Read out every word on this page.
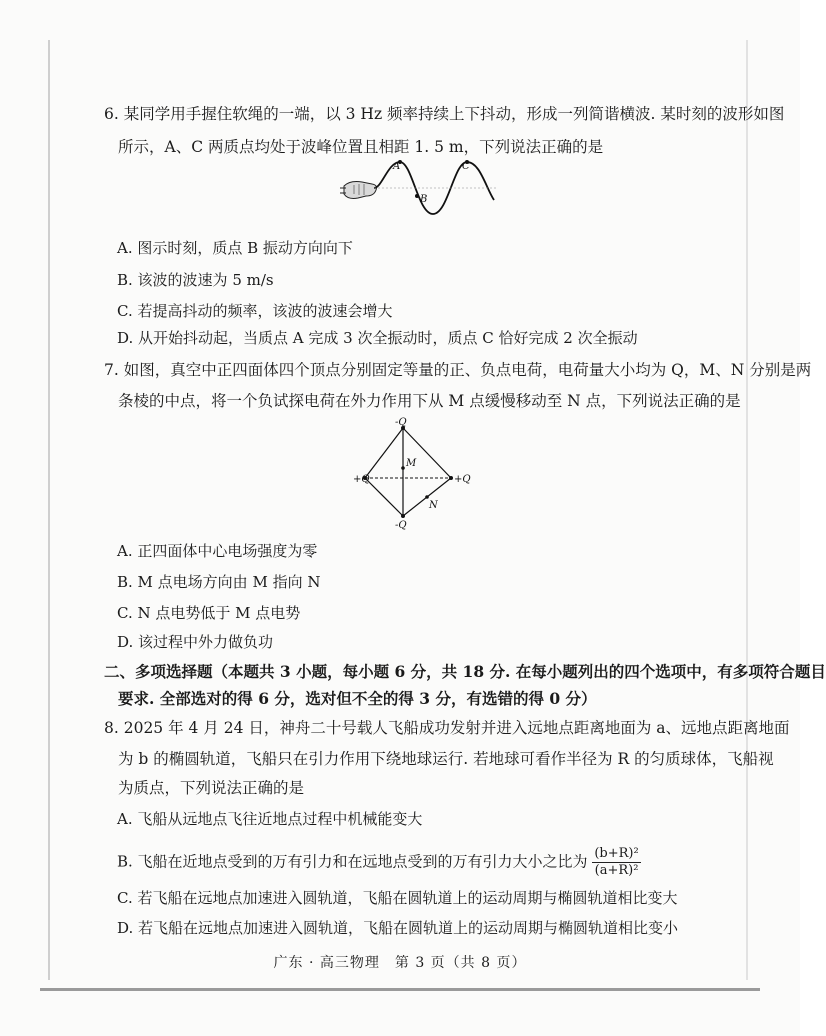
6. 某同学用手握住软绳的一端，以 3 Hz 频率持续上下抖动，形成一列简谐横波. 某时刻的波形如图
所示，A、C 两质点均处于波峰位置且相距 1. 5 m，下列说法正确的是
A
B
C
A. 图示时刻，质点 B 振动方向向下
B. 该波的波速为 5 m/s
C. 若提高抖动的频率，该波的波速会增大
D. 从开始抖动起，当质点 A 完成 3 次全振动时，质点 C 恰好完成 2 次全振动
7. 如图，真空中正四面体四个顶点分别固定等量的正、负点电荷，电荷量大小均为 Q，M、N 分别是两
条棱的中点，将一个负试探电荷在外力作用下从 M 点缓慢移动至 N 点，下列说法正确的是
-Q
+Q	+Q
-Q
M
N
A. 正四面体中心电场强度为零
B. M 点电场方向由 M 指向 N
C. N 点电势低于 M 点电势
D. 该过程中外力做负功
二、多项选择题（本题共 3 小题，每小题 6 分，共 18 分. 在每小题列出的四个选项中，有多项符合题目
要求. 全部选对的得 6 分，选对但不全的得 3 分，有选错的得 0 分）
8. 2025 年 4 月 24 日，神舟二十号载人飞船成功发射并进入远地点距离地面为 a、远地点距离地面
为 b 的椭圆轨道，飞船只在引力作用下绕地球运行. 若地球可看作半径为 R 的匀质球体，飞船视
为质点，下列说法正确的是
A. 飞船从远地点飞往近地点过程中机械能变大
B. 飞船在近地点受到的万有引力和在远地点受到的万有引力大小之比为 $\frac{\text{(b+R)²}}{\text{(a+R)²}}$
C. 若飞船在远地点加速进入圆轨道，飞船在圆轨道上的运动周期与椭圆轨道相比变大
D. 若飞船在远地点加速进入圆轨道，飞船在圆轨道上的运动周期与椭圆轨道相比变小
广东 · 高三物理　第 3 页（共 8 页）
